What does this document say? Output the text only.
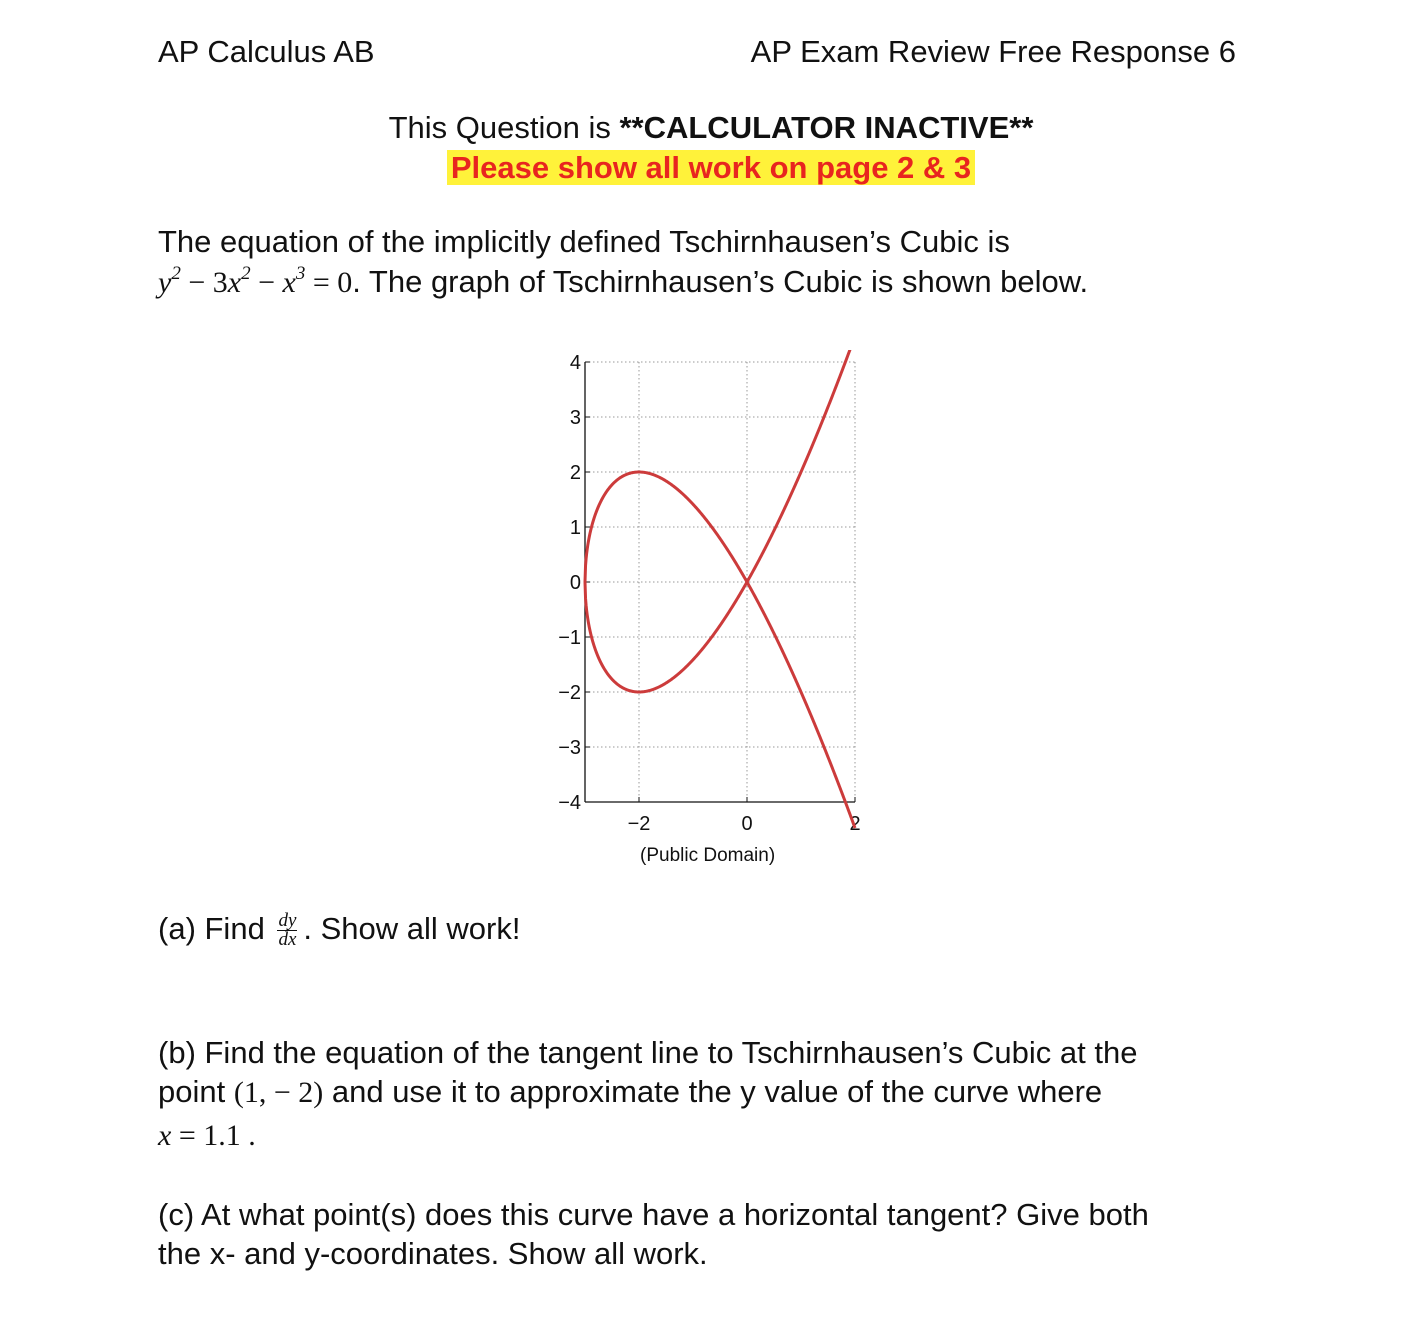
AP Calculus AB	AP Exam Review Free Response 6
This Question is **CALCULATOR INACTIVE**
Please show all work on page 2 & 3
The equation of the implicitly defined Tschirnhausen’s Cubic is
$y^2 - 3x^2 - x^3 = 0$. The graph of Tschirnhausen’s Cubic is shown below.
4
3
2
1
0
−1
−2
−3
−4
−2	0	2
(Public Domain)
(a) Find $\frac{dy}{dx}$ . Show all work!
(b) Find the equation of the tangent line to Tschirnhausen’s Cubic at the
point (1, − 2) and use it to approximate the y value of the curve where
x = 1.1 .
(c) At what point(s) does this curve have a horizontal tangent? Give both
the x- and y-coordinates. Show all work.
